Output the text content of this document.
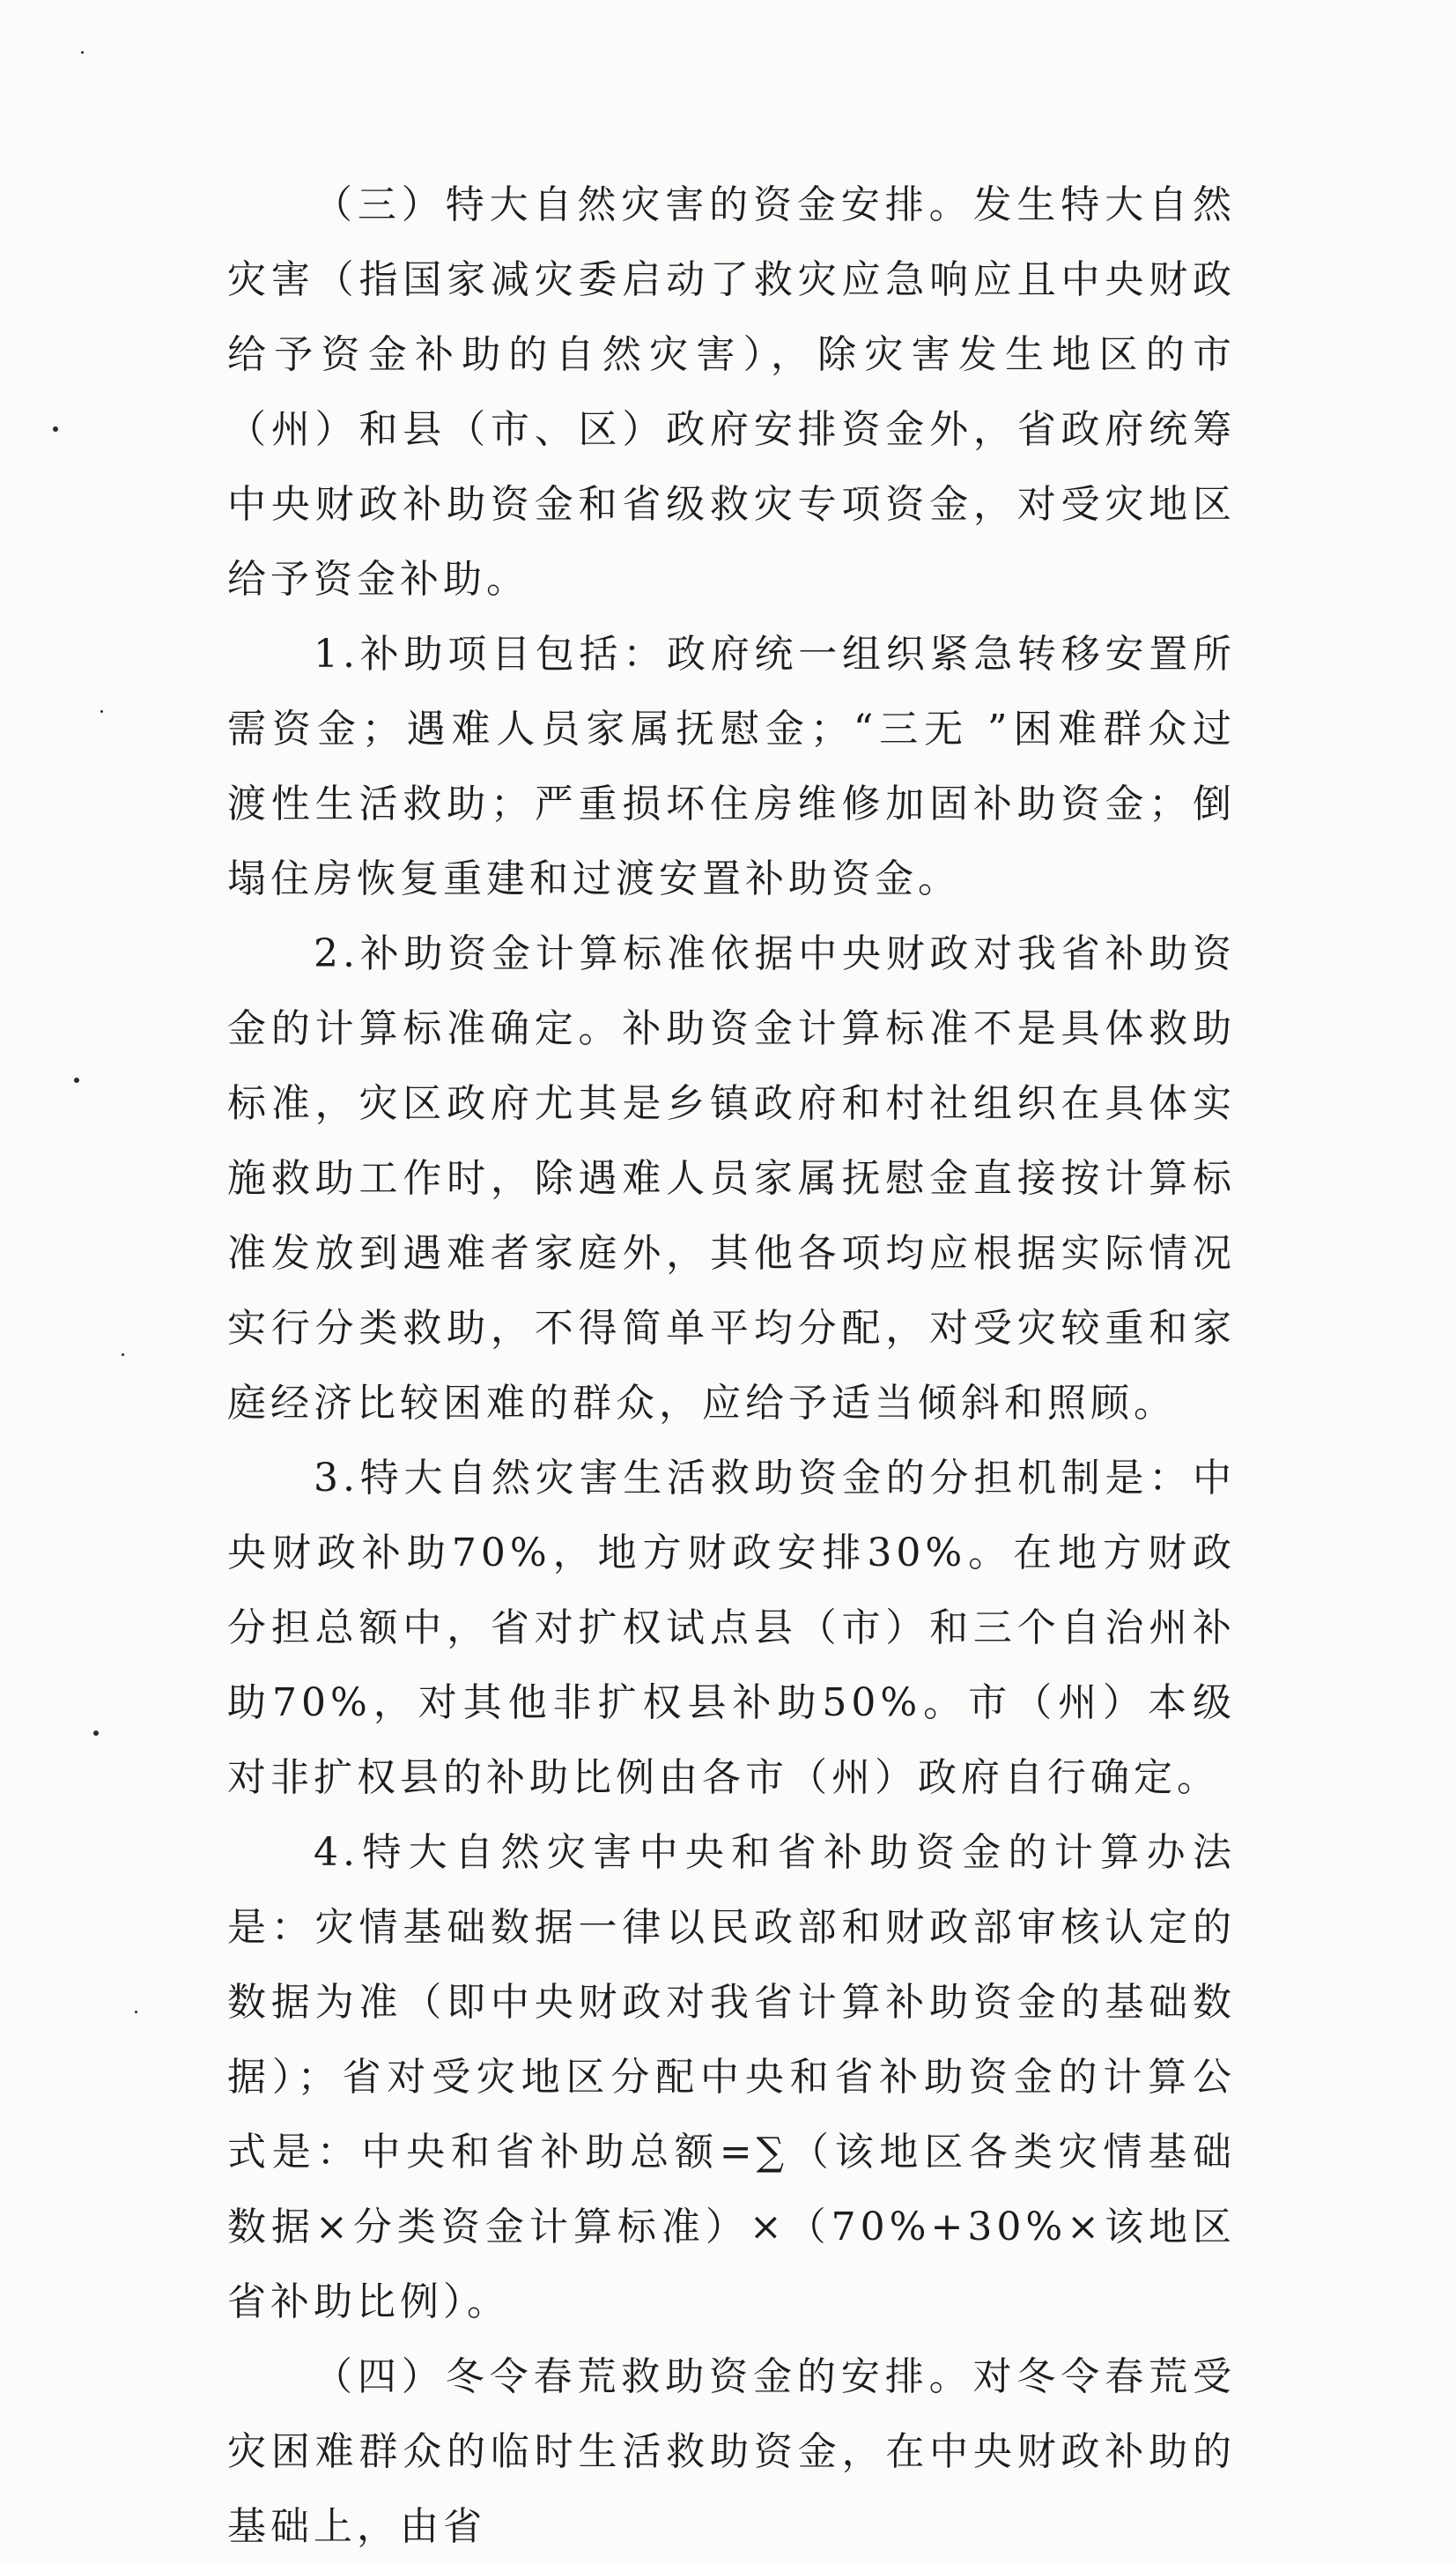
（三）特大自然灾害的资金安排。发生特大自然灾害（指国家减灾委启动了救灾应急响应且中央财政给予资金补助的自然灾害），除灾害发生地区的市（州）和县（市、区）政府安排资金外，省政府统筹中央财政补助资金和省级救灾专项资金，对受灾地区给予资金补助。

1.补助项目包括：政府统一组织紧急转移安置所需资金；遇难人员家属抚慰金；“三无 ”困难群众过渡性生活救助；严重损坏住房维修加固补助资金；倒塌住房恢复重建和过渡安置补助资金。

2.补助资金计算标准依据中央财政对我省补助资金的计算标准确定。补助资金计算标准不是具体救助标准，灾区政府尤其是乡镇政府和村社组织在具体实施救助工作时，除遇难人员家属抚慰金直接按计算标准发放到遇难者家庭外，其他各项均应根据实际情况实行分类救助，不得简单平均分配，对受灾较重和家庭经济比较困难的群众，应给予适当倾斜和照顾。

3.特大自然灾害生活救助资金的分担机制是：中央财政补助70%，地方财政安排30%。在地方财政分担总额中，省对扩权试点县（市）和三个自治州补助70%，对其他非扩权县补助50%。市（州）本级对非扩权县的补助比例由各市（州）政府自行确定。

4.特大自然灾害中央和省补助资金的计算办法是：灾情基础数据一律以民政部和财政部审核认定的数据为准（即中央财政对我省计算补助资金的基础数据）；省对受灾地区分配中央和省补助资金的计算公式是：中央和省补助总额=∑（该地区各类灾情基础数据×分类资金计算标准）×（70%+30%×该地区省补助比例）。

（四）冬令春荒救助资金的安排。对冬令春荒受灾困难群众的临时生活救助资金，在中央财政补助的基础上，由省
